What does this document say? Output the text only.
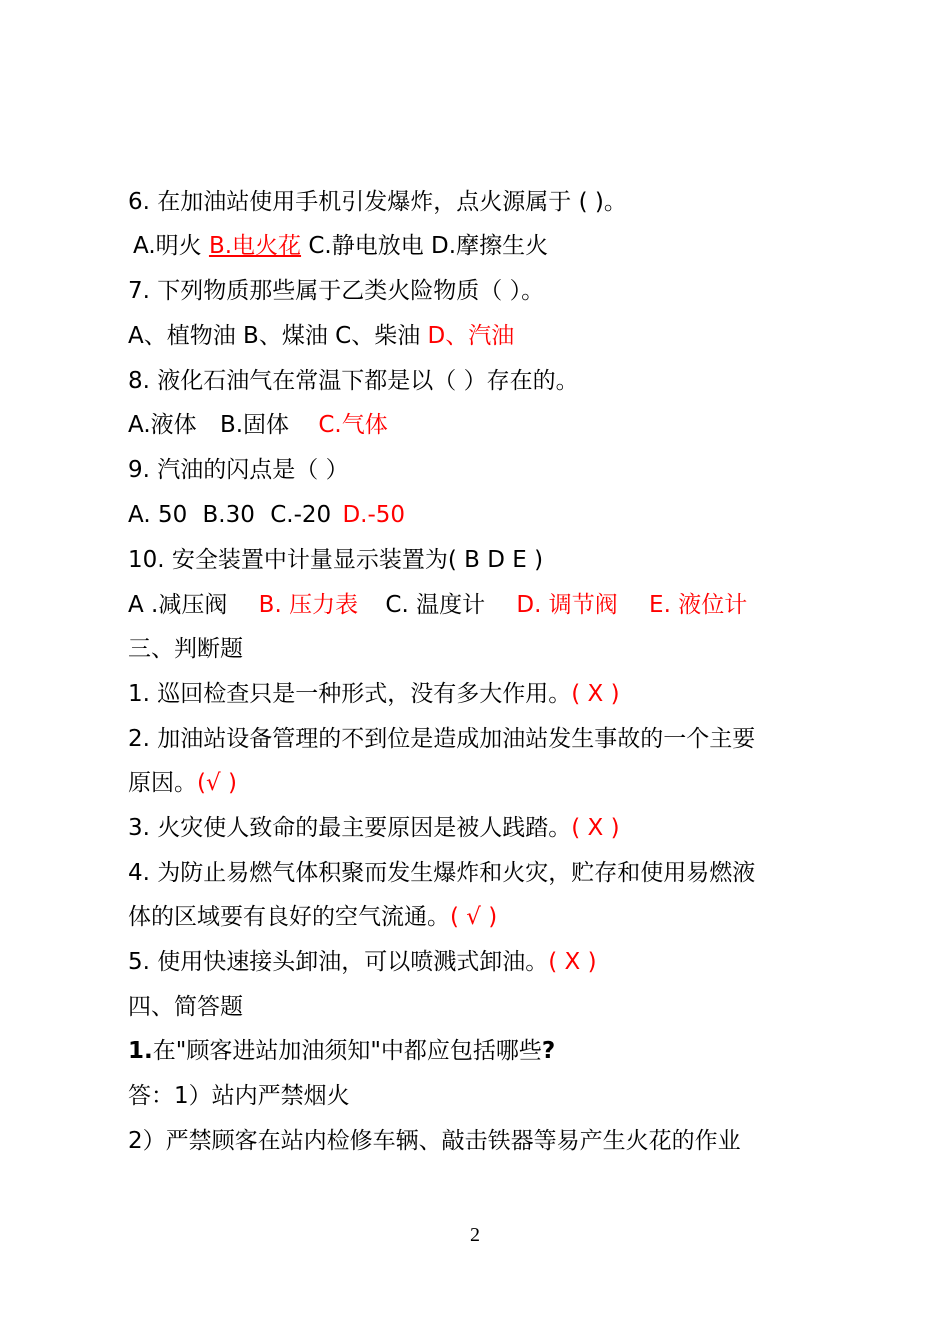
6. 在加油站使用手机引发爆炸，点火源属于 ( )。
A.明火 B.电火花 C.静电放电 D.摩擦生火
7. 下列物质那些属于乙类火险物质（ ）。
A、植物油 B、煤油 C、柴油 D、汽油
8. 液化石油气在常温下都是以（ ）存在的。
A.液体 B.固体 C.气体
9. 汽油的闪点是（ ）
A. 50 B.30 C.-20 D.-50
10. 安全装置中计量显示装置为( B D E )
A .减压阀 B. 压力表 C. 温度计 D. 调节阀 E. 液位计
三、判断题
1. 巡回检查只是一种形式，没有多大作用。( X )
2. 加油站设备管理的不到位是造成加油站发生事故的一个主要
原因。(√ )
3. 火灾使人致命的最主要原因是被人践踏。( X )
4. 为防止易燃气体积聚而发生爆炸和火灾，贮存和使用易燃液
体的区域要有良好的空气流通。( √ )
5. 使用快速接头卸油，可以喷溅式卸油。( X )
四、简答题
1.在"顾客进站加油须知"中都应包括哪些?
答：1）站内严禁烟火
2）严禁顾客在站内检修车辆、敲击铁器等易产生火花的作业
2
